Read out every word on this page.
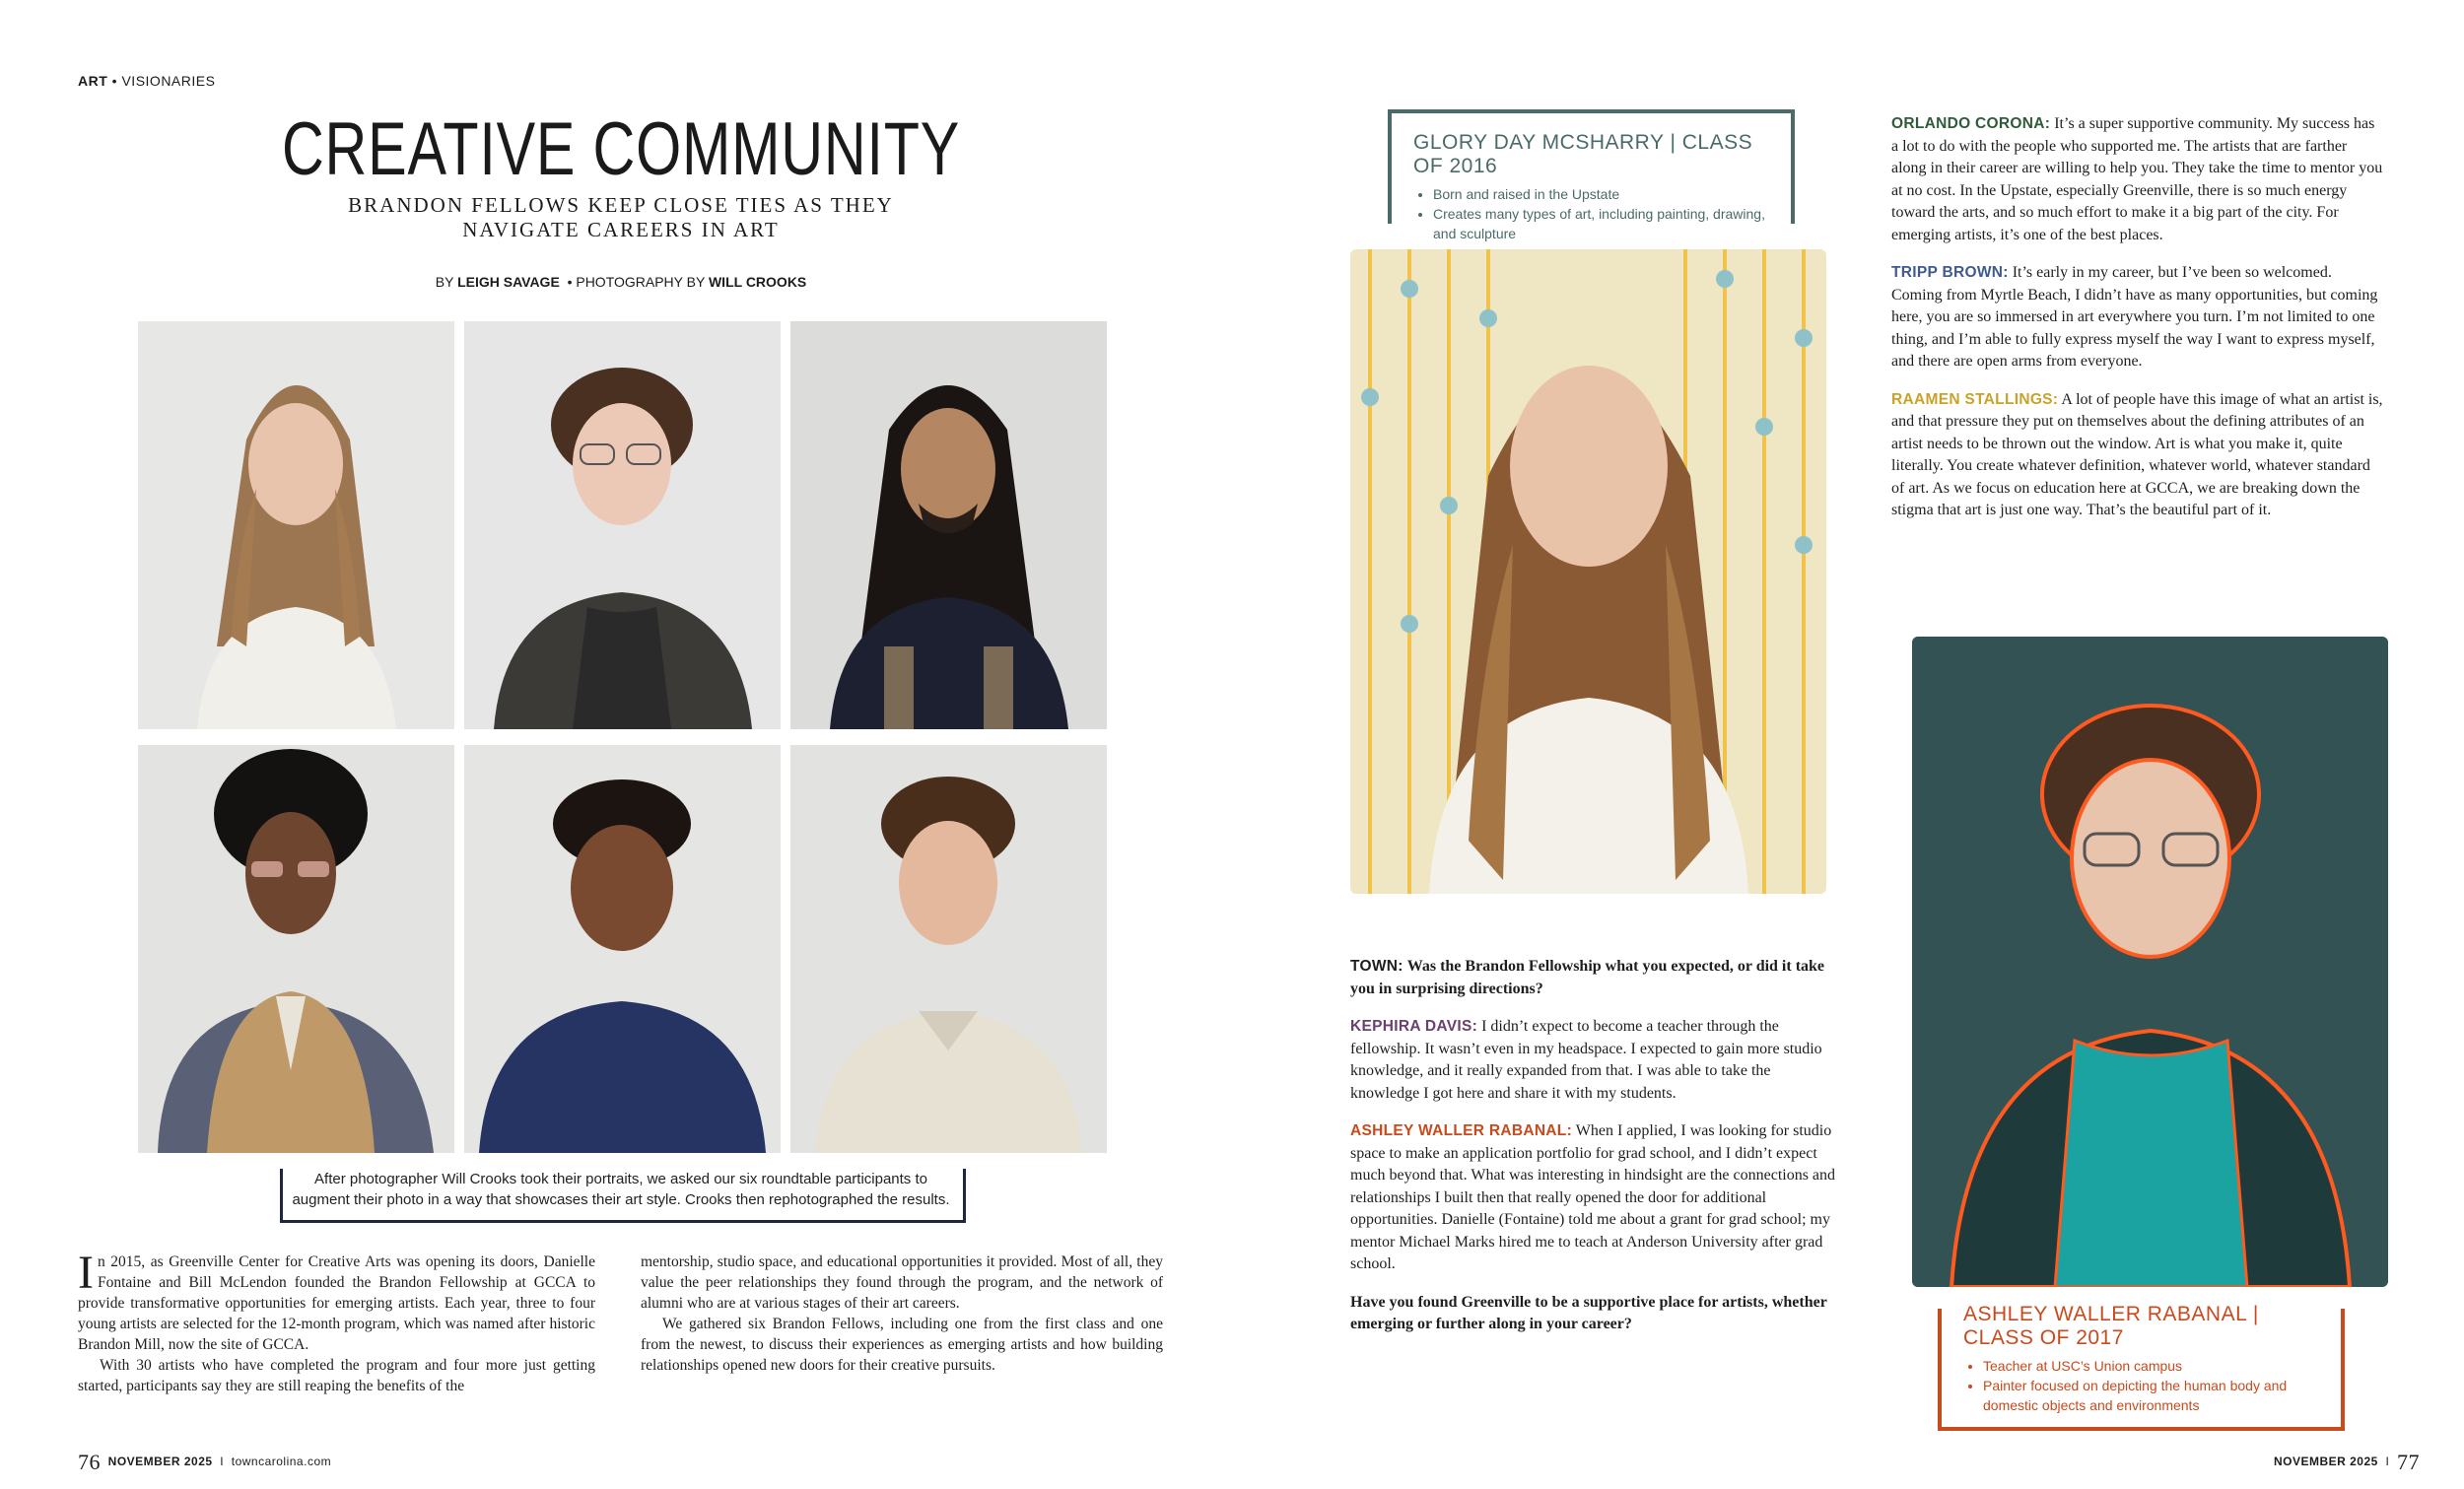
ART • VISIONARIES
CREATIVE COMMUNITY
BRANDON FELLOWS KEEP CLOSE TIES AS THEY NAVIGATE CAREERS IN ART
BY LEIGH SAVAGE • PHOTOGRAPHY BY WILL CROOKS
After photographer Will Crooks took their portraits, we asked our six roundtable participants to augment their photo in a way that showcases their art style. Crooks then rephotographed the results.

In 2015, as Greenville Center for Creative Arts was opening its doors, Danielle Fontaine and Bill McLendon founded the Brandon Fellowship at GCCA to provide transformative opportunities for emerging artists. Each year, three to four young artists are selected for the 12-month program, which was named after historic Brandon Mill, now the site of GCCA.

With 30 artists who have completed the program and four more just getting started, participants say they are still reaping the benefits of the

mentorship, studio space, and educational opportunities it provided. Most of all, they value the peer relationships they found through the program, and the network of alumni who are at various stages of their art careers.

We gathered six Brandon Fellows, including one from the first class and one from the newest, to discuss their experiences as emerging artists and how building relationships opened new doors for their creative pursuits.

76 NOVEMBER 2025 I towncarolina.com
GLORY DAY MCSHARRY | CLASS OF 2016
• Born and raised in the Upstate
• Creates many types of art, including painting, drawing, and sculpture

TOWN: Was the Brandon Fellowship what you expected, or did it take you in surprising directions?

KEPHIRA DAVIS: I didn’t expect to become a teacher through the fellowship. It wasn’t even in my headspace. I expected to gain more studio knowledge, and it really expanded from that. I was able to take the knowledge I got here and share it with my students.

ASHLEY WALLER RABANAL: When I applied, I was looking for studio space to make an application portfolio for grad school, and I didn’t expect much beyond that. What was interesting in hindsight are the connections and relationships I built then that really opened the door for additional opportunities. Danielle (Fontaine) told me about a grant for grad school; my mentor Michael Marks hired me to teach at Anderson University after grad school.

Have you found Greenville to be a supportive place for artists, whether emerging or further along in your career?

ORLANDO CORONA: It’s a super supportive community. My success has a lot to do with the people who supported me. The artists that are farther along in their career are willing to help you. They take the time to mentor you at no cost. In the Upstate, especially Greenville, there is so much energy toward the arts, and so much effort to make it a big part of the city. For emerging artists, it’s one of the best places.

TRIPP BROWN: It’s early in my career, but I’ve been so welcomed. Coming from Myrtle Beach, I didn’t have as many opportunities, but coming here, you are so immersed in art everywhere you turn. I’m not limited to one thing, and I’m able to fully express myself the way I want to express myself, and there are open arms from everyone.

RAAMEN STALLINGS: A lot of people have this image of what an artist is, and that pressure they put on themselves about the defining attributes of an artist needs to be thrown out the window. Art is what you make it, quite literally. You create whatever definition, whatever world, whatever standard of art. As we focus on education here at GCCA, we are breaking down the stigma that art is just one way. That’s the beautiful part of it.

ASHLEY WALLER RABANAL | CLASS OF 2017
• Teacher at USC’s Union campus
• Painter focused on depicting the human body and domestic objects and environments
NOVEMBER 2025 I 77
